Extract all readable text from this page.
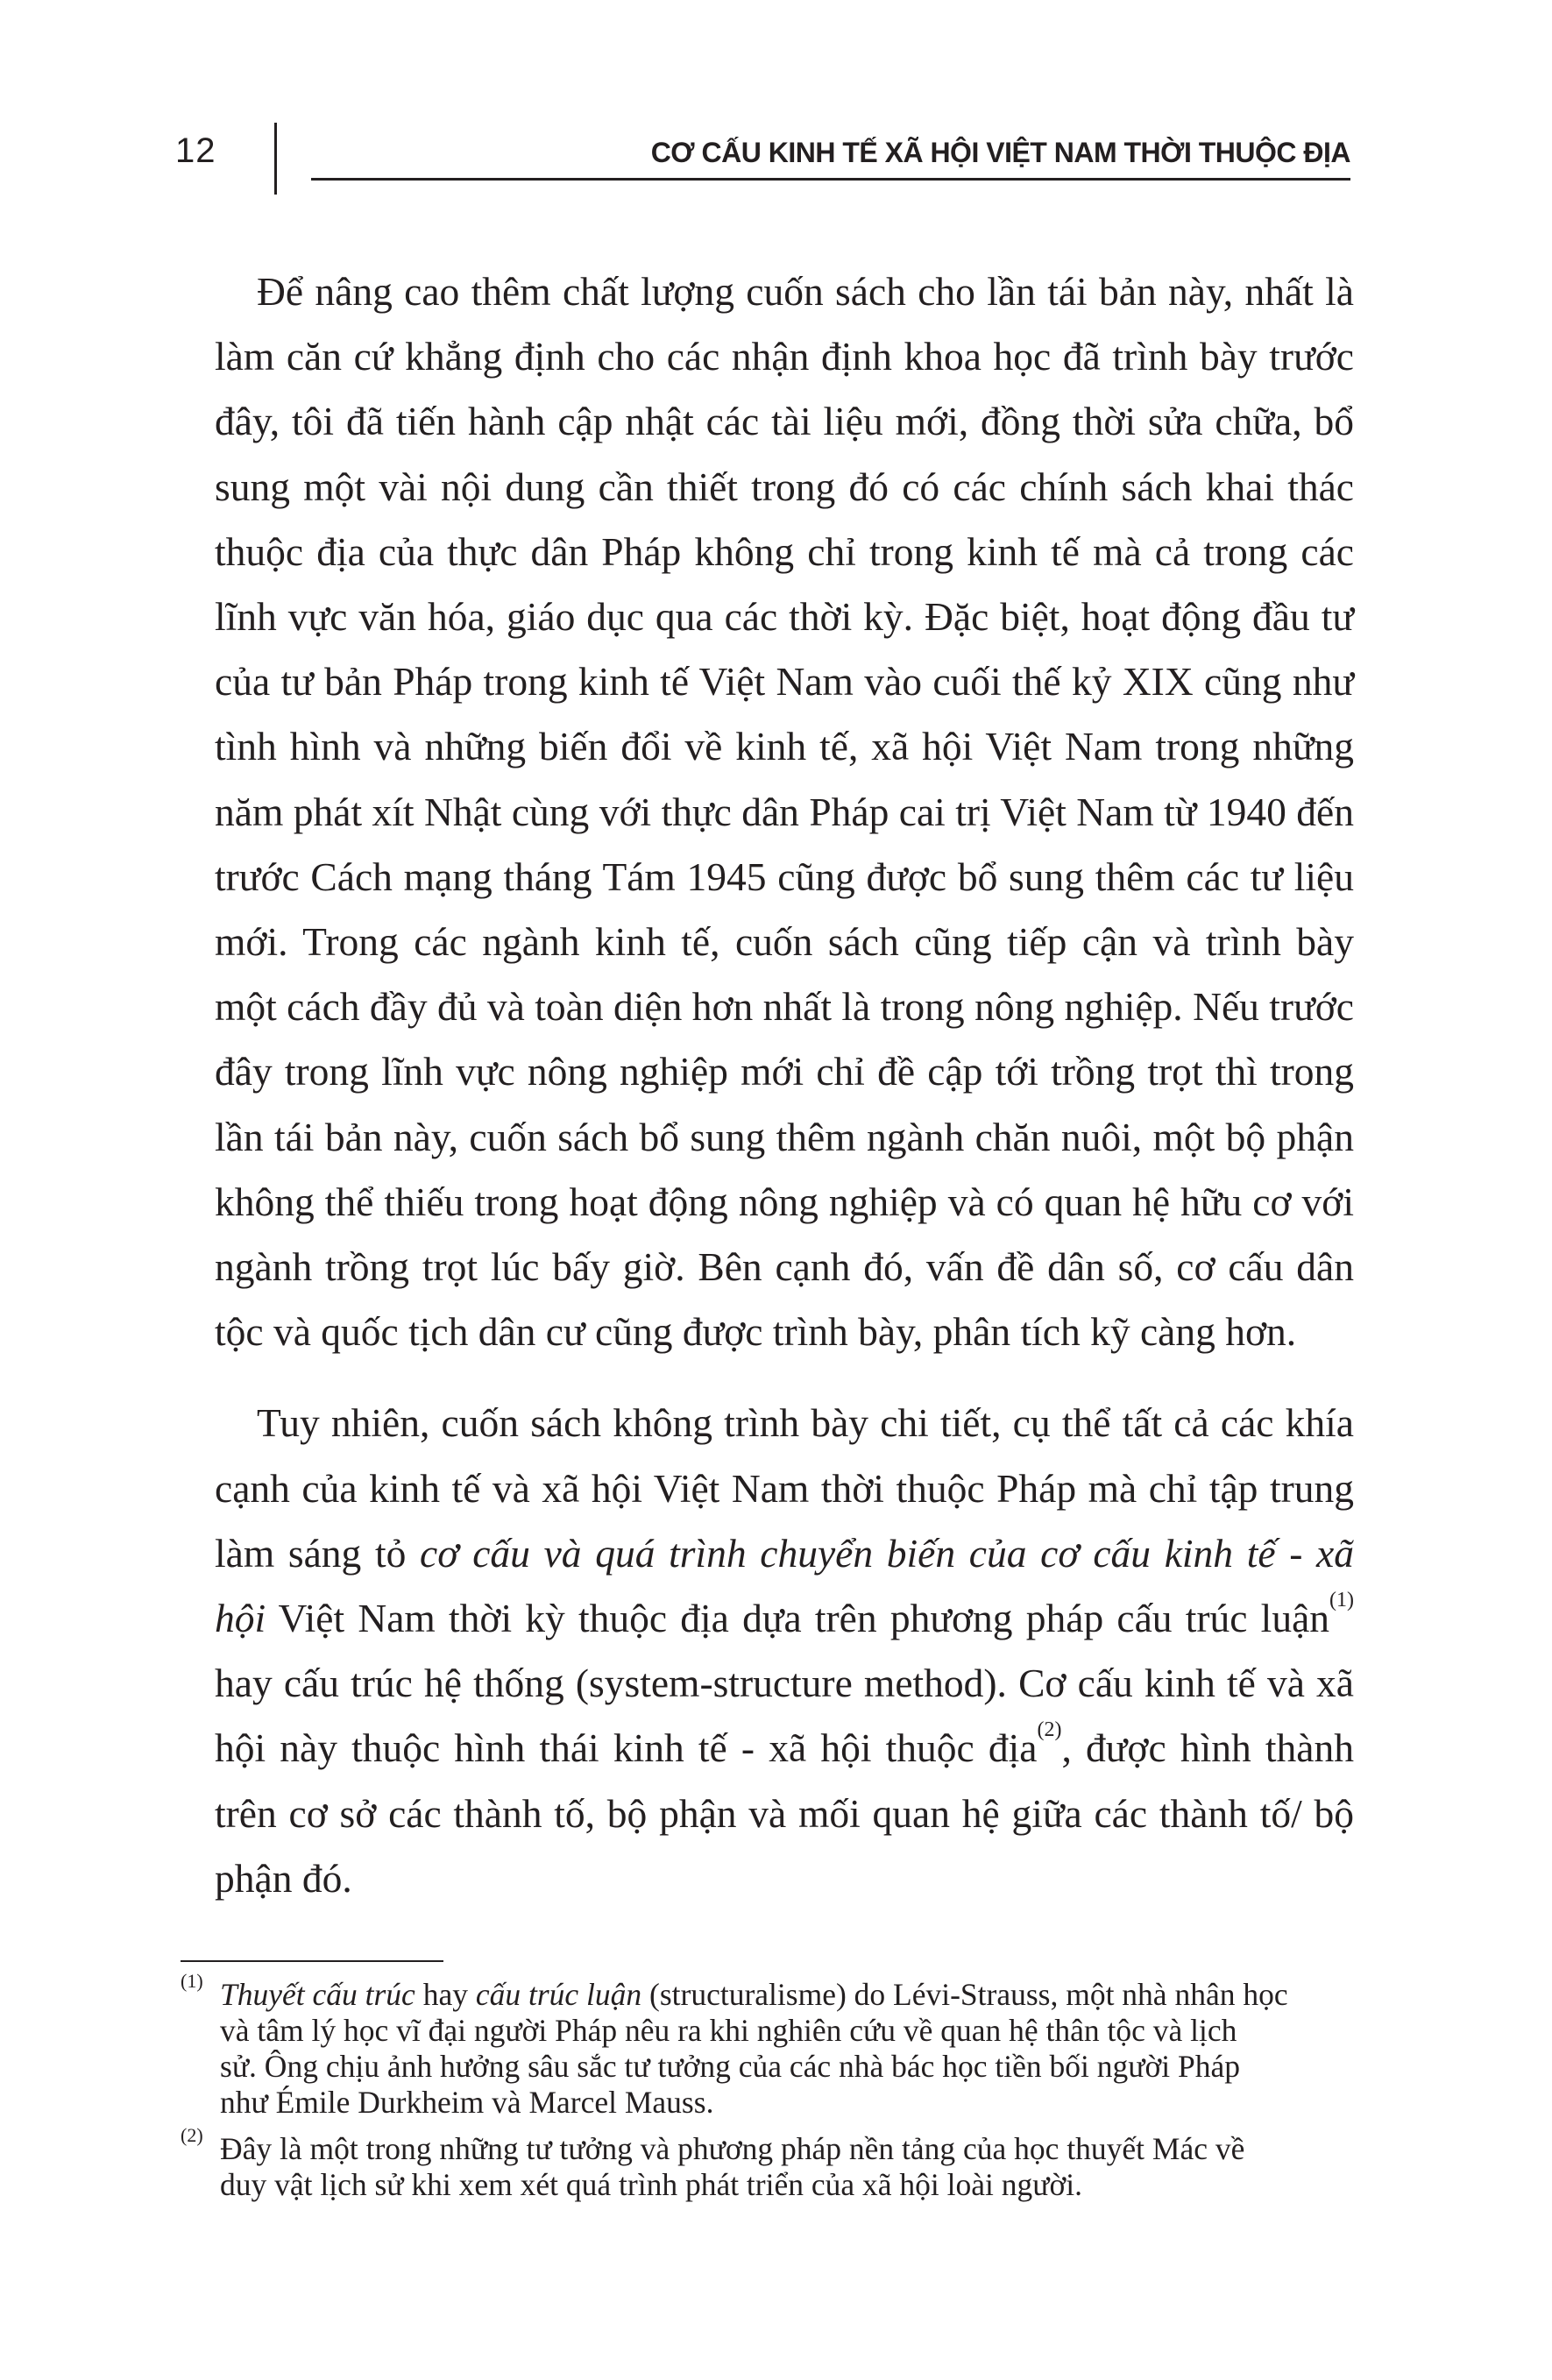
12	CƠ CẤU KINH TẾ XÃ HỘI VIỆT NAM THỜI THUỘC ĐỊA

Để nâng cao thêm chất lượng cuốn sách cho lần tái bản này, nhất là làm căn cứ khẳng định cho các nhận định khoa học đã trình bày trước đây, tôi đã tiến hành cập nhật các tài liệu mới, đồng thời sửa chữa, bổ sung một vài nội dung cần thiết trong đó có các chính sách khai thác thuộc địa của thực dân Pháp không chỉ trong kinh tế mà cả trong các lĩnh vực văn hóa, giáo dục qua các thời kỳ. Đặc biệt, hoạt động đầu tư của tư bản Pháp trong kinh tế Việt Nam vào cuối thế kỷ XIX cũng như tình hình và những biến đổi về kinh tế, xã hội Việt Nam trong những năm phát xít Nhật cùng với thực dân Pháp cai trị Việt Nam từ 1940 đến trước Cách mạng tháng Tám 1945 cũng được bổ sung thêm các tư liệu mới. Trong các ngành kinh tế, cuốn sách cũng tiếp cận và trình bày một cách đầy đủ và toàn diện hơn nhất là trong nông nghiệp. Nếu trước đây trong lĩnh vực nông nghiệp mới chỉ đề cập tới trồng trọt thì trong lần tái bản này, cuốn sách bổ sung thêm ngành chăn nuôi, một bộ phận không thể thiếu trong hoạt động nông nghiệp và có quan hệ hữu cơ với ngành trồng trọt lúc bấy giờ. Bên cạnh đó, vấn đề dân số, cơ cấu dân tộc và quốc tịch dân cư cũng được trình bày, phân tích kỹ càng hơn.

Tuy nhiên, cuốn sách không trình bày chi tiết, cụ thể tất cả các khía cạnh của kinh tế và xã hội Việt Nam thời thuộc Pháp mà chỉ tập trung làm sáng tỏ cơ cấu và quá trình chuyển biến của cơ cấu kinh tế - xã hội Việt Nam thời kỳ thuộc địa dựa trên phương pháp cấu trúc luận$^{(1)}$ hay cấu trúc hệ thống (system-structure method). Cơ cấu kinh tế và xã hội này thuộc hình thái kinh tế - xã hội thuộc địa$^{(2)}$, được hình thành trên cơ sở các thành tố, bộ phận và mối quan hệ giữa các thành tố/ bộ phận đó.

(1) Thuyết cấu trúc hay cấu trúc luận (structuralisme) do Lévi-Strauss, một nhà nhân học
và tâm lý học vĩ đại người Pháp nêu ra khi nghiên cứu về quan hệ thân tộc và lịch
sử. Ông chịu ảnh hưởng sâu sắc tư tưởng của các nhà bác học tiền bối người Pháp
như Émile Durkheim và Marcel Mauss.
(2) Đây là một trong những tư tưởng và phương pháp nền tảng của học thuyết Mác về
duy vật lịch sử khi xem xét quá trình phát triển của xã hội loài người.
